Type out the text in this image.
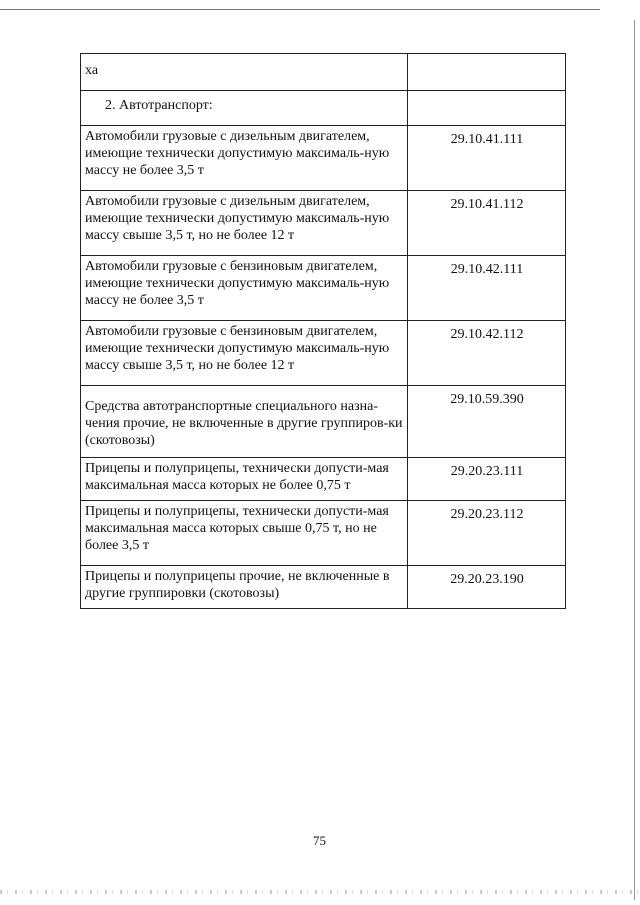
ха	
2. Автотранспорт:	
Автомобили грузовые с дизельным двигателем, имеющие технически допустимую максималь-ную массу не более 3,5 т	29.10.41.111
Автомобили грузовые с дизельным двигателем, имеющие технически допустимую максималь-ную массу свыше 3,5 т, но не более 12 т	29.10.41.112
Автомобили грузовые с бензиновым двигателем, имеющие технически допустимую максималь-ную массу не более 3,5 т	29.10.42.111
Автомобили грузовые с бензиновым двигателем, имеющие технически допустимую максималь-ную массу свыше 3,5 т, но не более 12 т	29.10.42.112
Средства автотранспортные специального назна-чения прочие, не включенные в другие группиров-ки (скотовозы)	29.10.59.390
Прицепы и полуприцепы, технически допусти-мая максимальная масса которых не более 0,75 т	29.20.23.111
Прицепы и полуприцепы, технически допусти-мая максимальная масса которых свыше 0,75 т, но не более 3,5 т	29.20.23.112
Прицепы и полуприцепы прочие, не включенные в другие группировки (скотовозы)	29.20.23.190
75
